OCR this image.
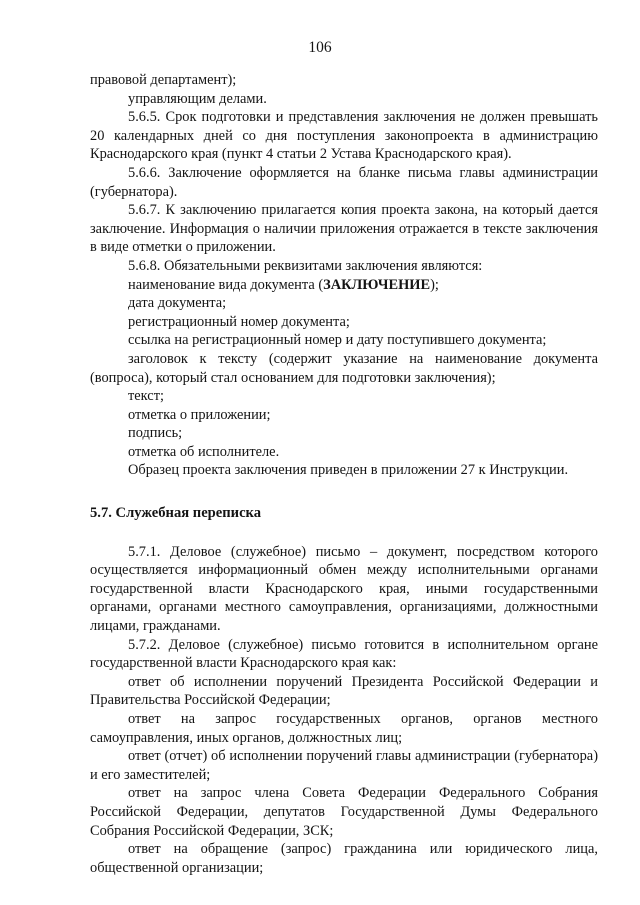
106

правовой департамент);

управляющим делами.

5.6.5. Срок подготовки и представления заключения не должен превышать 20 календарных дней со дня поступления законопроекта в администрацию Краснодарского края (пункт 4 статьи 2 Устава Краснодарского края).

5.6.6. Заключение оформляется на бланке письма главы администрации (губернатора).

5.6.7. К заключению прилагается копия проекта закона, на который дается заключение. Информация о наличии приложения отражается в тексте заключения в виде отметки о приложении.

5.6.8. Обязательными реквизитами заключения являются:

наименование вида документа (ЗАКЛЮЧЕНИЕ);

дата документа;

регистрационный номер документа;

ссылка на регистрационный номер и дату поступившего документа;

заголовок к тексту (содержит указание на наименование документа (вопроса), который стал основанием для подготовки заключения);

текст;

отметка о приложении;

подпись;

отметка об исполнителе.

Образец проекта заключения приведен в приложении 27 к Инструкции.

5.7. Служебная переписка

5.7.1. Деловое (служебное) письмо – документ, посредством которого осуществляется информационный обмен между исполнительными органами государственной власти Краснодарского края, иными государственными органами, органами местного самоуправления, организациями, должностными лицами, гражданами.

5.7.2. Деловое (служебное) письмо готовится в исполнительном органе государственной власти Краснодарского края как:

ответ об исполнении поручений Президента Российской Федерации и Правительства Российской Федерации;

ответ на запрос государственных органов, органов местного самоуправления, иных органов, должностных лиц;

ответ (отчет) об исполнении поручений главы администрации (губернатора) и его заместителей;

ответ на запрос члена Совета Федерации Федерального Собрания Российской Федерации, депутатов Государственной Думы Федерального Собрания Российской Федерации, ЗСК;

ответ на обращение (запрос) гражданина или юридического лица, общественной организации;
